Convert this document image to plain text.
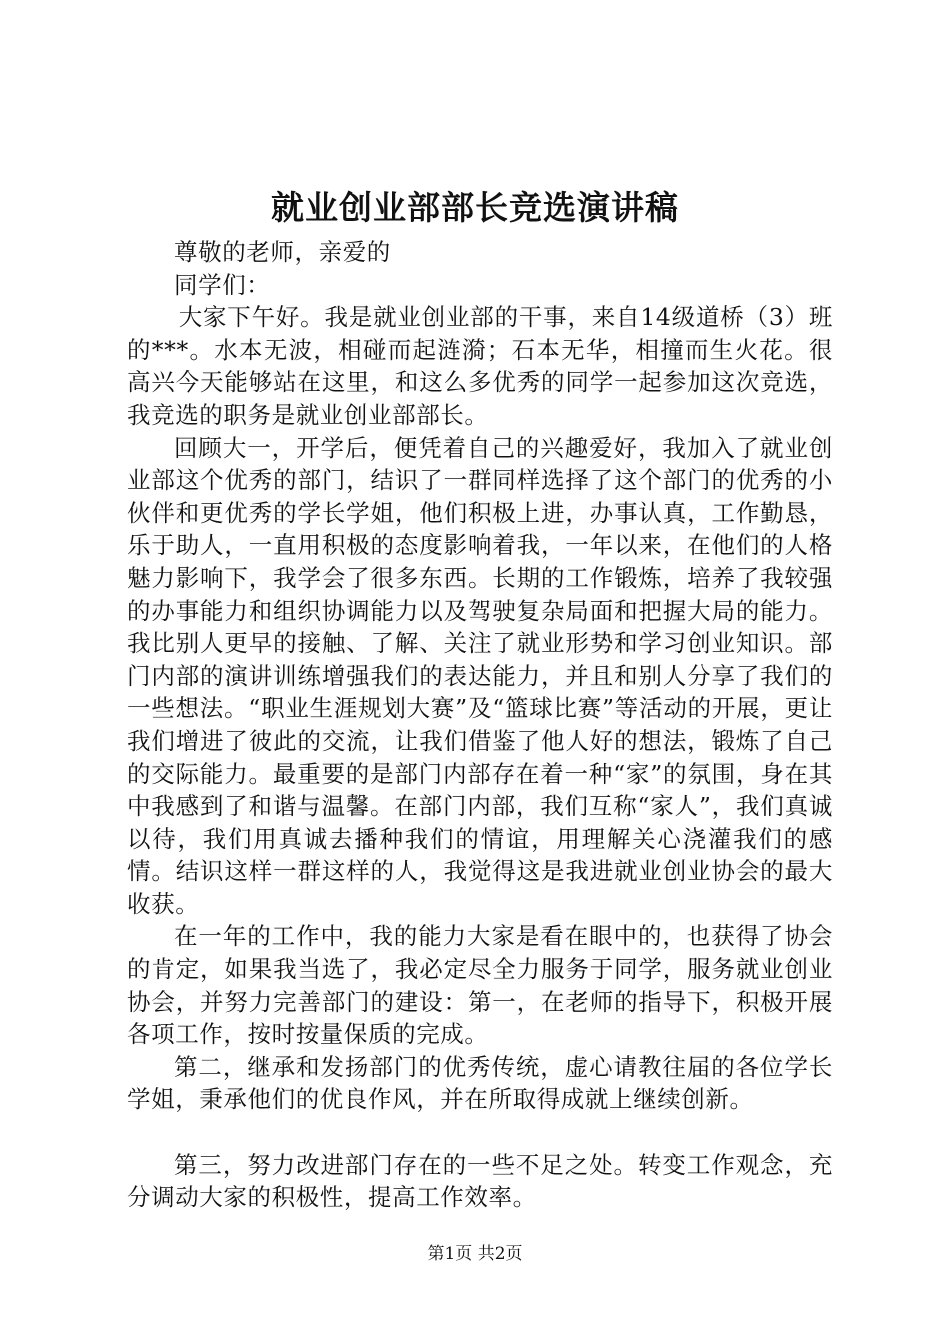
就业创业部部长竞选演讲稿

尊敬的老师，亲爱的

同学们：

大家下午好。我是就业创业部的干事，来自14级道桥（3）班的***。水本无波，相碰而起涟漪；石本无华，相撞而生火花。很高兴今天能够站在这里，和这么多优秀的同学一起参加这次竞选，我竞选的职务是就业创业部部长。

回顾大一，开学后，便凭着自己的兴趣爱好，我加入了就业创业部这个优秀的部门，结识了一群同样选择了这个部门的优秀的小伙伴和更优秀的学长学姐，他们积极上进，办事认真，工作勤恳，乐于助人，一直用积极的态度影响着我，一年以来，在他们的人格魅力影响下，我学会了很多东西。长期的工作锻炼，培养了我较强的办事能力和组织协调能力以及驾驶复杂局面和把握大局的能力。我比别人更早的接触、了解、关注了就业形势和学习创业知识。部门内部的演讲训练增强我们的表达能力，并且和别人分享了我们的一些想法。“职业生涯规划大赛”及“篮球比赛”等活动的开展，更让我们增进了彼此的交流，让我们借鉴了他人好的想法，锻炼了自己的交际能力。最重要的是部门内部存在着一种“家”的氛围，身在其中我感到了和谐与温馨。在部门内部，我们互称“家人”，我们真诚以待，我们用真诚去播种我们的情谊，用理解关心浇灌我们的感情。结识这样一群这样的人，我觉得这是我进就业创业协会的最大收获。

在一年的工作中，我的能力大家是看在眼中的，也获得了协会的肯定，如果我当选了，我必定尽全力服务于同学，服务就业创业协会，并努力完善部门的建设：第一，在老师的指导下，积极开展各项工作，按时按量保质的完成。

第二，继承和发扬部门的优秀传统，虚心请教往届的各位学长学姐，秉承他们的优良作风，并在所取得成就上继续创新。

第三，努力改进部门存在的一些不足之处。转变工作观念，充分调动大家的积极性，提高工作效率。

第1页 共2页
